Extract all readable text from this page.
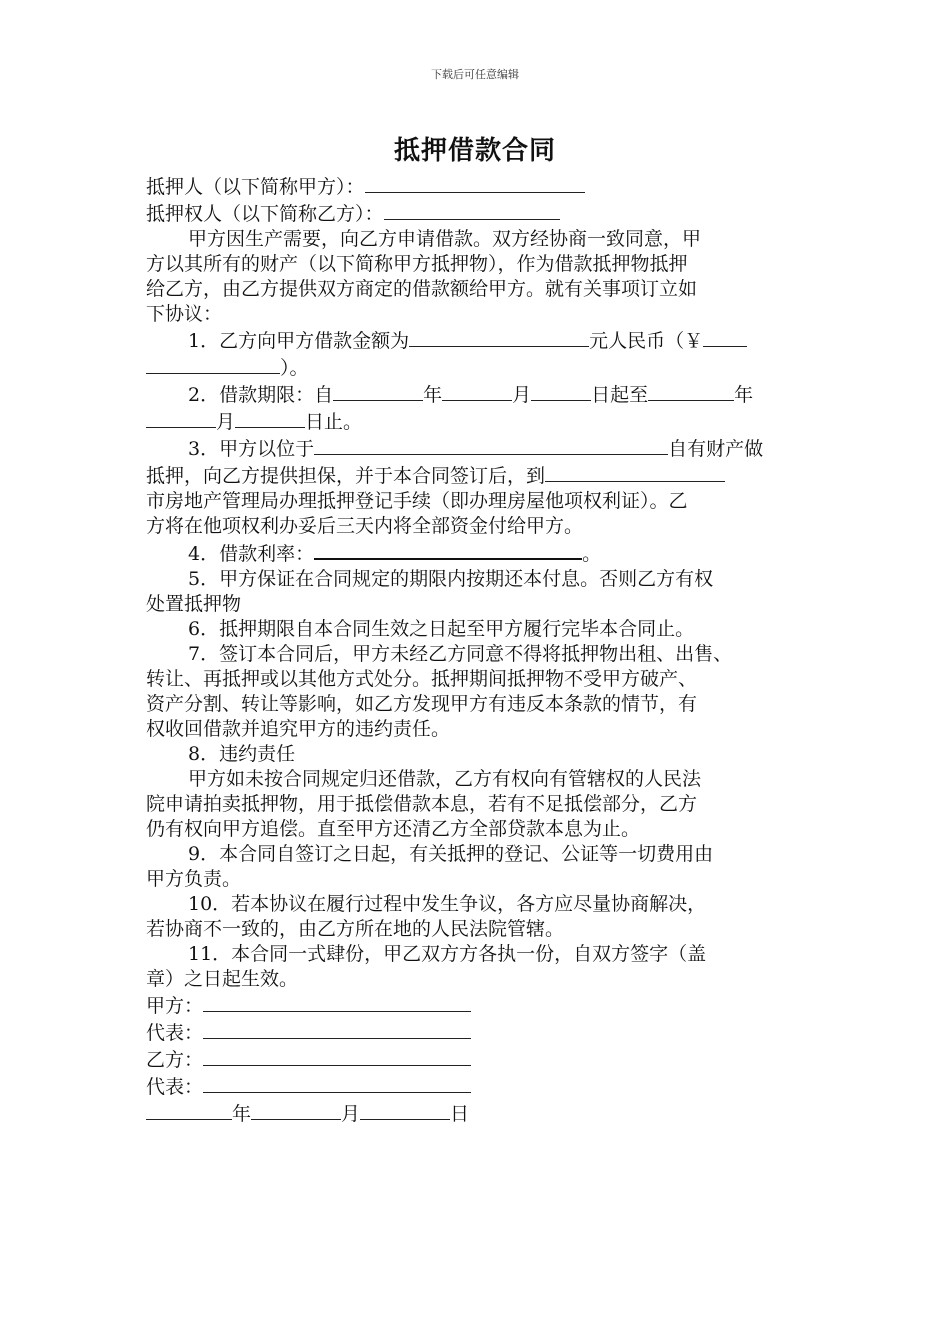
下载后可任意编辑
抵押借款合同

抵押人（以下简称甲方）：

抵押权人（以下简称乙方）：

甲方因生产需要，向乙方申请借款。双方经协商一致同意，甲

方以其所有的财产（以下简称甲方抵押物），作为借款抵押物抵押

给乙方，由乙方提供双方商定的借款额给甲方。就有关事项订立如

下协议：

1．乙方向甲方借款金额为	元人民币（￥

）。

2．借款期限：自	年	月	日起至	年

月	日止。

3．甲方以位于	自有财产做

抵押，向乙方提供担保，并于本合同签订后，到

市房地产管理局办理抵押登记手续（即办理房屋他项权利证）。乙

方将在他项权利办妥后三天内将全部资金付给甲方。

4．借款利率：	。

5．甲方保证在合同规定的期限内按期还本付息。否则乙方有权

处置抵押物

6．抵押期限自本合同生效之日起至甲方履行完毕本合同止。

7．签订本合同后，甲方未经乙方同意不得将抵押物出租、出售、

转让、再抵押或以其他方式处分。抵押期间抵押物不受甲方破产、

资产分割、转让等影响，如乙方发现甲方有违反本条款的情节，有

权收回借款并追究甲方的违约责任。

8．违约责任

甲方如未按合同规定归还借款，乙方有权向有管辖权的人民法

院申请拍卖抵押物，用于抵偿借款本息，若有不足抵偿部分，乙方

仍有权向甲方追偿。直至甲方还清乙方全部贷款本息为止。

9．本合同自签订之日起，有关抵押的登记、公证等一切费用由

甲方负责。

10．若本协议在履行过程中发生争议，各方应尽量协商解决，

若协商不一致的，由乙方所在地的人民法院管辖。

11．本合同一式肆份，甲乙双方方各执一份，自双方签字（盖

章）之日起生效。

甲方：

代表：

乙方：

代表：

年	月	日
